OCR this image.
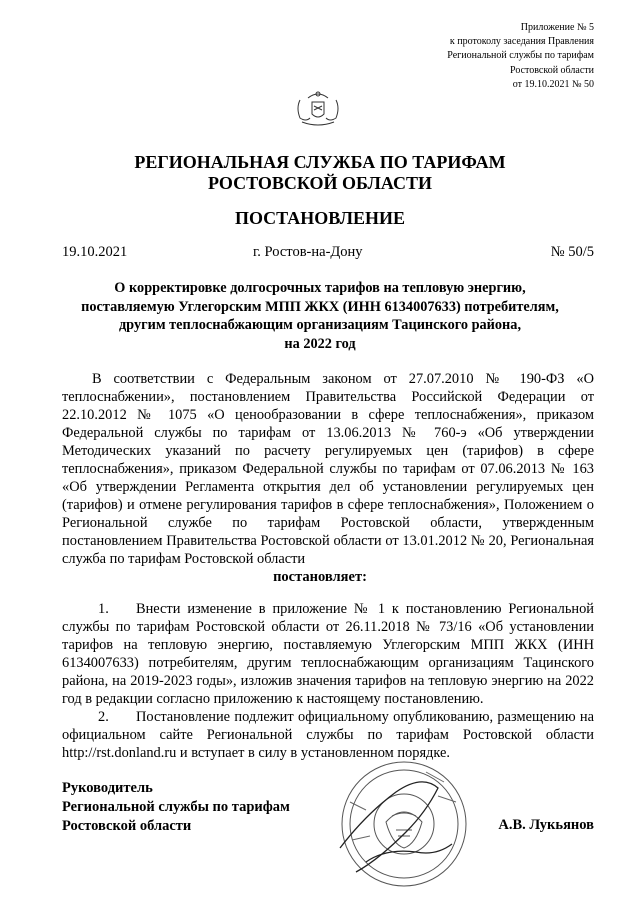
Приложение № 5
к протоколу заседания Правления
Региональной службы по тарифам
Ростовской области
от 19.10.2021 № 50
РЕГИОНАЛЬНАЯ СЛУЖБА ПО ТАРИФАМ
РОСТОВСКОЙ ОБЛАСТИ
ПОСТАНОВЛЕНИЕ
19.10.2021	г. Ростов-на-Дону	№ 50/5
О корректировке долгосрочных тарифов на тепловую энергию,
поставляемую Углегорским МПП ЖКХ (ИНН 6134007633) потребителям,
другим теплоснабжающим организациям Тацинского района,
на 2022 год
В соответствии с Федеральным законом от 27.07.2010 № 190-ФЗ «О теплоснабжении», постановлением Правительства Российской Федерации от 22.10.2012 № 1075 «О ценообразовании в сфере теплоснабжения», приказом Федеральной службы по тарифам от 13.06.2013 № 760-э «Об утверждении Методических указаний по расчету регулируемых цен (тарифов) в сфере теплоснабжения», приказом Федеральной службы по тарифам от 07.06.2013 № 163 «Об утверждении Регламента открытия дел об установлении регулируемых цен (тарифов) и отмене регулирования тарифов в сфере теплоснабжения», Положением о Региональной службе по тарифам Ростовской области, утвержденным постановлением Правительства Ростовской области от 13.01.2012 № 20, Региональная служба по тарифам Ростовской области
постановляет:
1. Внести изменение в приложение № 1 к постановлению Региональной службы по тарифам Ростовской области от 26.11.2018 № 73/16 «Об установлении тарифов на тепловую энергию, поставляемую Углегорским МПП ЖКХ (ИНН 6134007633) потребителям, другим теплоснабжающим организациям Тацинского района, на 2019-2023 годы», изложив значения тарифов на тепловую энергию на 2022 год в редакции согласно приложению к настоящему постановлению.
2. Постановление подлежит официальному опубликованию, размещению на официальном сайте Региональной службы по тарифам Ростовской области http://rst.donland.ru и вступает в силу в установленном порядке.
Руководитель
Региональной службы по тарифам
Ростовской области	А.В. Лукьянов
